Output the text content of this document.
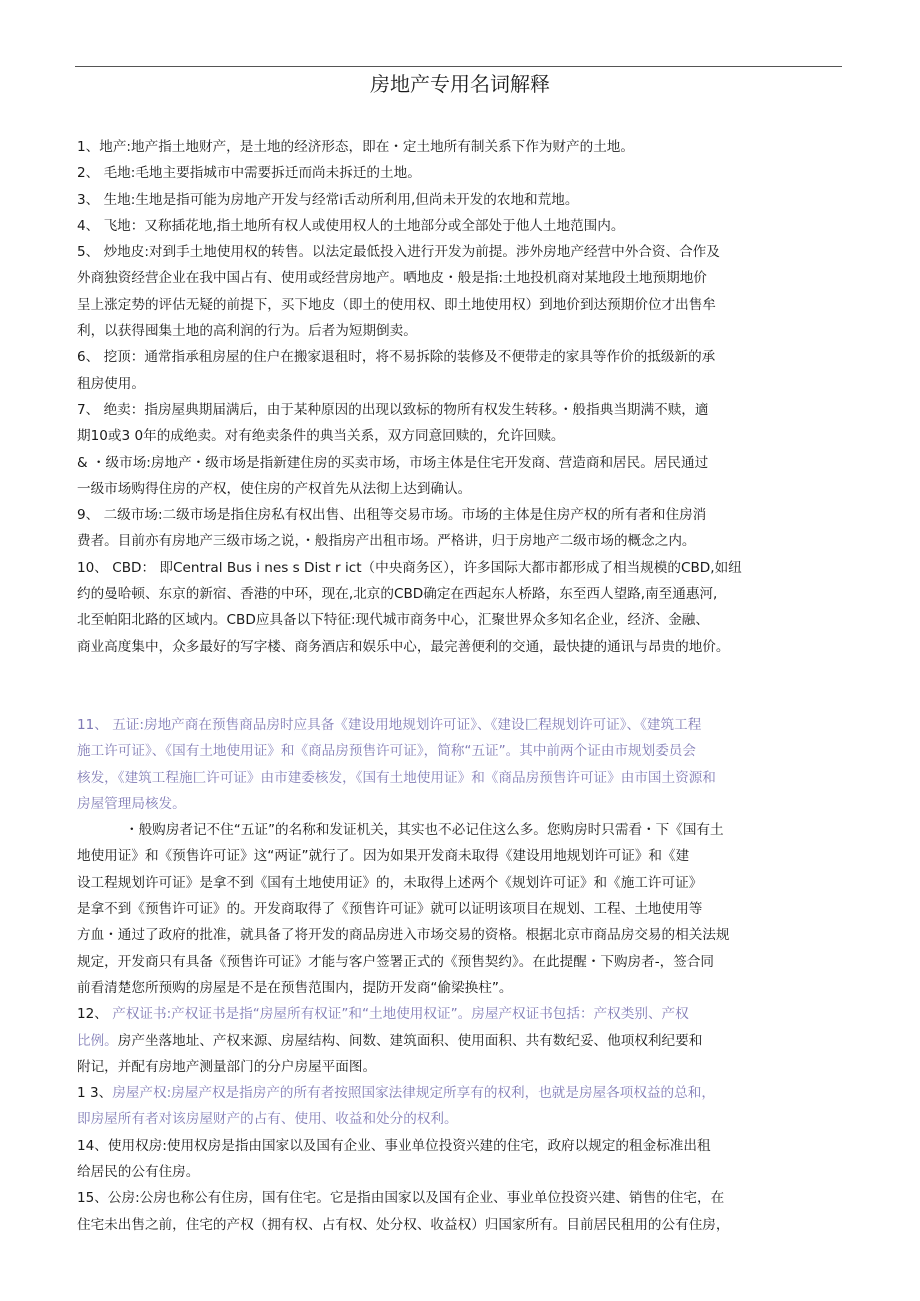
房地产专用名词解释
1、地产:地产指土地财产，是土地的经济形态，即在・定土地所有制关系下作为财产的土地。
2、 毛地:毛地主要指城市中需要拆迁而尚未拆迁的土地。
3、 生地:生地是指可能为房地产开发与经常i舌动所利用,但尚未开发的农地和荒地。
4、 飞地：又称插花地,指土地所有权人或使用权人的土地部分或全部处于他人土地范围内。
5、 炒地皮:对到手土地使用权的转售。以法定最低投入进行开发为前提。涉外房地产经营中外合资、合作及
外商独资经营企业在我中国占有、使用或经营房地产。哂地皮・般是指:土地投机商对某地段土地预期地价
呈上涨定势的评估无疑的前提下，买下地皮（即土的使用权、即土地使用权）到地价到达预期价位才出售牟
利，以获得囤集土地的高利润的行为。后者为短期倒卖。
6、 挖顶：通常指承租房屋的住户在搬家退租时，将不易拆除的装修及不便带走的家具等作价的抵级新的承
租房使用。
7、 绝卖：指房屋典期届满后，由于某种原因的出现以致标的物所有权发生转移。・般指典当期满不赎，適
期10或3 0年的成绝卖。对有绝卖条件的典当关系，双方同意回赎的，允许回赎。
& ・级市场:房地产・级市场是指新建住房的买卖市场，市场主体是住宅开发商、营造商和居民。居民通过
一级市场购得住房的产权，使住房的产权首先从法彻上达到确认。
9、 二级市场:二级市场是指住房私有权出售、出租等交易市场。市场的主体是住房产权的所有者和住房消
费者。目前亦有房地产三级市场之说，・般指房产出租市场。严格讲，归于房地产二级市场的概念之内。
10、 CBD： 即Central Bus i nes s Dist r ict（中央商务区），许多国际大都市都形成了相当规模的CBD,如纽
约的曼哈顿、东京的新宿、香港的中环，现在,北京的CBD确定在西起东人桥路，东至西人望路,南至通惠河,
北至帕阳北路的区域内。CBD应具备以下特征:现代城市商务中心，汇聚世界众多知名企业，经济、金融、
商业高度集中，众多最好的写字楼、商务酒店和娱乐中心，最完善便利的交通，最快捷的通讯与昂贵的地价。
11、 五证:房地产商在预售商品房时应具备《建设用地规划许可证》、《建设匚程规划许可证》、《建筑工程
施工许可证》、《国有土地使用证》和《商品房预售许可证》，简称“五证”。其中前两个证由市规划委员会
核发，《建筑工程施匚许可证》由市建委核发，《国有土地使用证》和《商品房预售许可证》由市国土资源和
房屋管理局核发。
・般购房者记不住“五证”的名称和发证机关，其实也不必记住这么多。您购房时只需看・下《国有土
地使用证》和《预售许可证》这“两证”就行了。因为如果开发商未取得《建设用地规划许可证》和《建
设工程规划许可证》是拿不到《国有土地使用证》的，未取得上述两个《规划许可证》和《施工许可证》
是拿不到《预售许可证》的。开发商取得了《预售许可证》就可以证明该项目在规划、工程、土地使用等
方血・通过了政府的批准，就具备了将开发的商品房进入市场交易的资格。根据北京市商品房交易的相关法规
规定，开发商只有具备《预售许可证》才能与客户签署正式的《预售契约》。在此提醒・下购房者-，签合同
前看清楚您所预购的房屋是不是在预售范围内，提防开发商“偷梁换柱”。
12、 产权证书:产权证书是指“房屋所有权证”和“土地使用权证”。房屋产权证书包括：产权类别、产权
比例。房产坐落地址、产权来源、房屋结构、间数、建筑面积、使用面积、共有数纪妥、他项权利纪要和
附记，并配有房地产测量部门的分户房屋平面图。
1 3、房屋产权:房屋产权是指房产的所有者按照国家法律规定所享有的权利，也就是房屋各项权益的总和，
即房屋所有者对该房屋财产的占有、使用、收益和处分的权利。
14、使用权房:使用权房是指由国家以及国有企业、事业单位投资兴建的住宅，政府以规定的租金标准出租
给居民的公有住房。
15、公房:公房也称公有住房，国有住宅。它是指由国家以及国有企业、事业单位投资兴建、销售的住宅，在
住宅未出售之前，住宅的产权（拥有权、占有权、处分权、收益权）归国家所有。目前居民租用的公有住房，
